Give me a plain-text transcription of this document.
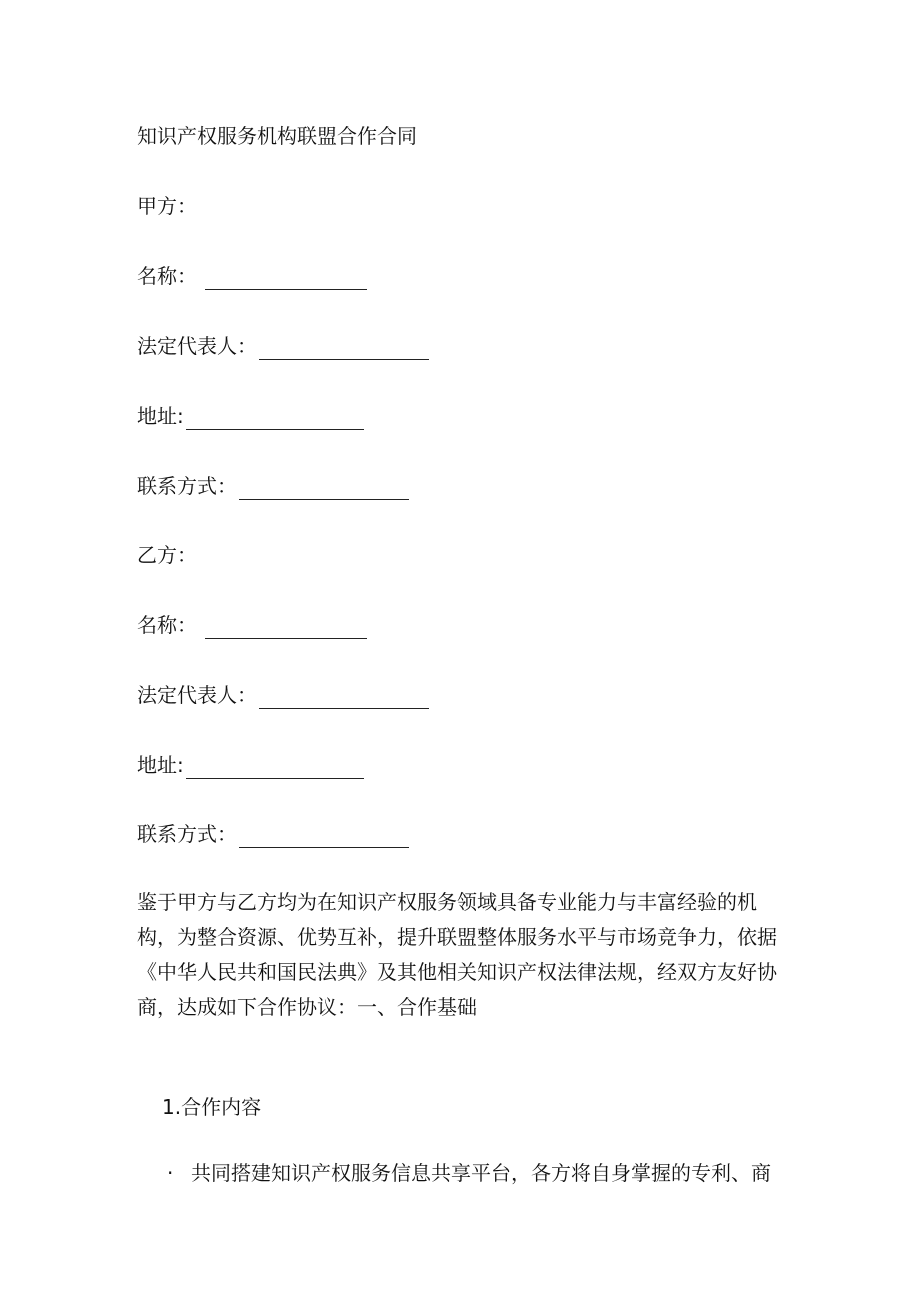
知识产权服务机构联盟合作合同
甲方：
名称：
法定代表人：
地址:
联系方式：
乙方：
名称：
法定代表人：
地址:
联系方式：
鉴于甲方与乙方均为在知识产权服务领域具备专业能力与丰富经验的机
构，为整合资源、优势互补，提升联盟整体服务水平与市场竞争力，依据
《中华人民共和国民法典》及其他相关知识产权法律法规，经双方友好协
商，达成如下合作协议：一、合作基础
1.合作内容
· 共同搭建知识产权服务信息共享平台，各方将自身掌握的专利、商
